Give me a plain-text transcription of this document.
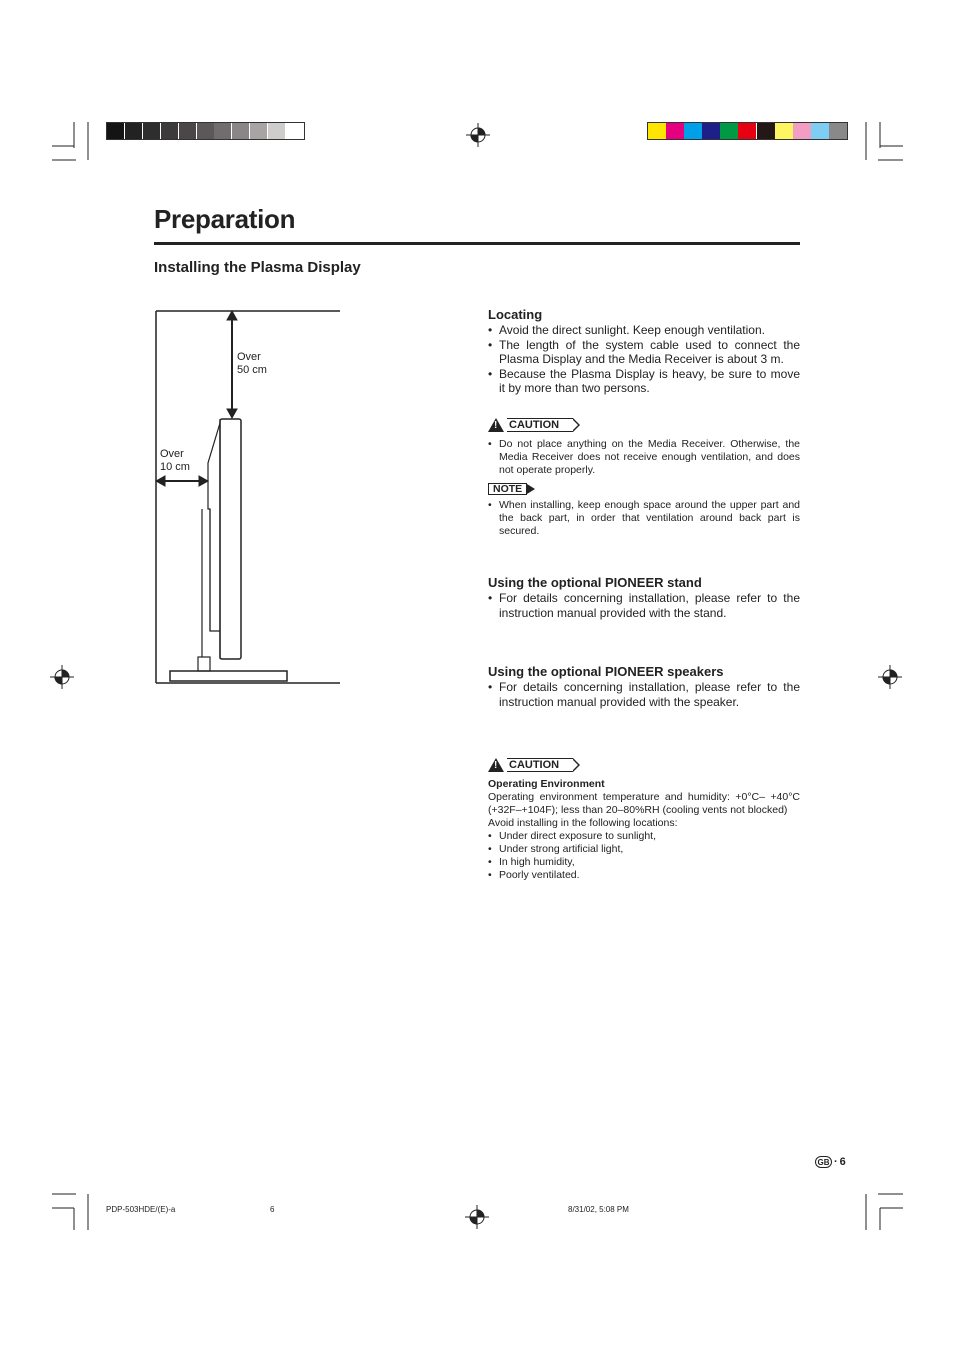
Preparation
Installing the Plasma Display
Over
50 cm
Over
10 cm
Locating
• Avoid the direct sunlight. Keep enough ventilation.
• The length of the system cable used to connect the Plasma Display and the Media Receiver is about 3 m.
• Because the Plasma Display is heavy, be sure to move it by more than two persons.
! CAUTION
• Do not place anything on the Media Receiver. Otherwise, the Media Receiver does not receive enough ventilation, and does not operate properly.
NOTE
• When installing, keep enough space around the upper part and the back part, in order that ventilation around back part is secured.
Using the optional PIONEER stand
• For details concerning installation, please refer to the instruction manual provided with the stand.
Using the optional PIONEER speakers
• For details concerning installation, please refer to the instruction manual provided with the speaker.
! CAUTION
Operating Environment

Operating environment temperature and humidity: +0°C– +40°C (+32F–+104F); less than 20–80%RH (cooling vents not blocked)

Avoid installing in the following locations:

• Under direct exposure to sunlight,
• Under strong artificial light,
• In high humidity,
• Poorly ventilated.
GB · 6
PDP-503HDE/(E)-a	6	8/31/02, 5:08 PM
